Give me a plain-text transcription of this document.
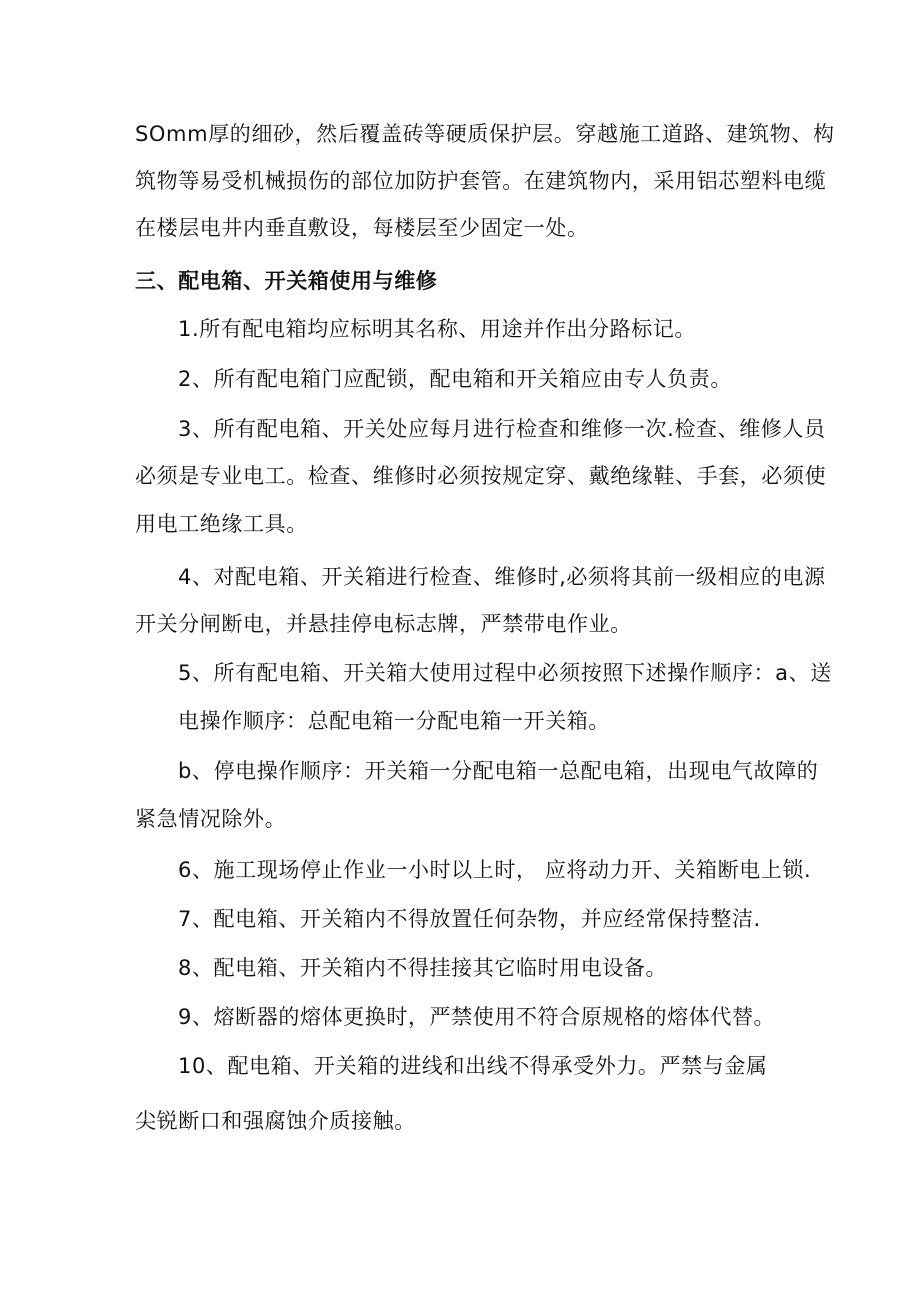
SOmm厚的细砂，然后覆盖砖等硬质保护层。穿越施工道路、建筑物、构
筑物等易受机械损伤的部位加防护套管。在建筑物内，采用铝芯塑料电缆
在楼层电井内垂直敷设，每楼层至少固定一处。
三、配电箱、开关箱使用与维修
1.所有配电箱均应标明其名称、用途并作出分路标记。
2、所有配电箱门应配锁，配电箱和开关箱应由专人负责。
3、所有配电箱、开关处应每月进行检查和维修一次.检查、维修人员
必须是专业电工。检查、维修时必须按规定穿、戴绝缘鞋、手套，必须使
用电工绝缘工具。
4、对配电箱、开关箱进行检查、维修时,必须将其前一级相应的电源
开关分闸断电，并悬挂停电标志牌，严禁带电作业。
5、所有配电箱、开关箱大使用过程中必须按照下述操作顺序：a、送
电操作顺序：总配电箱一分配电箱一开关箱。
b、停电操作顺序：开关箱一分配电箱一总配电箱，出现电气故障的
紧急情况除外。
6、施工现场停止作业一小时以上时， 应将动力开、关箱断电上锁.
7、配电箱、开关箱内不得放置任何杂物，并应经常保持整洁.
8、配电箱、开关箱内不得挂接其它临时用电设备。
9、熔断器的熔体更换时，严禁使用不符合原规格的熔体代替。
10、配电箱、开关箱的进线和出线不得承受外力。严禁与金属
尖锐断口和强腐蚀介质接触。
